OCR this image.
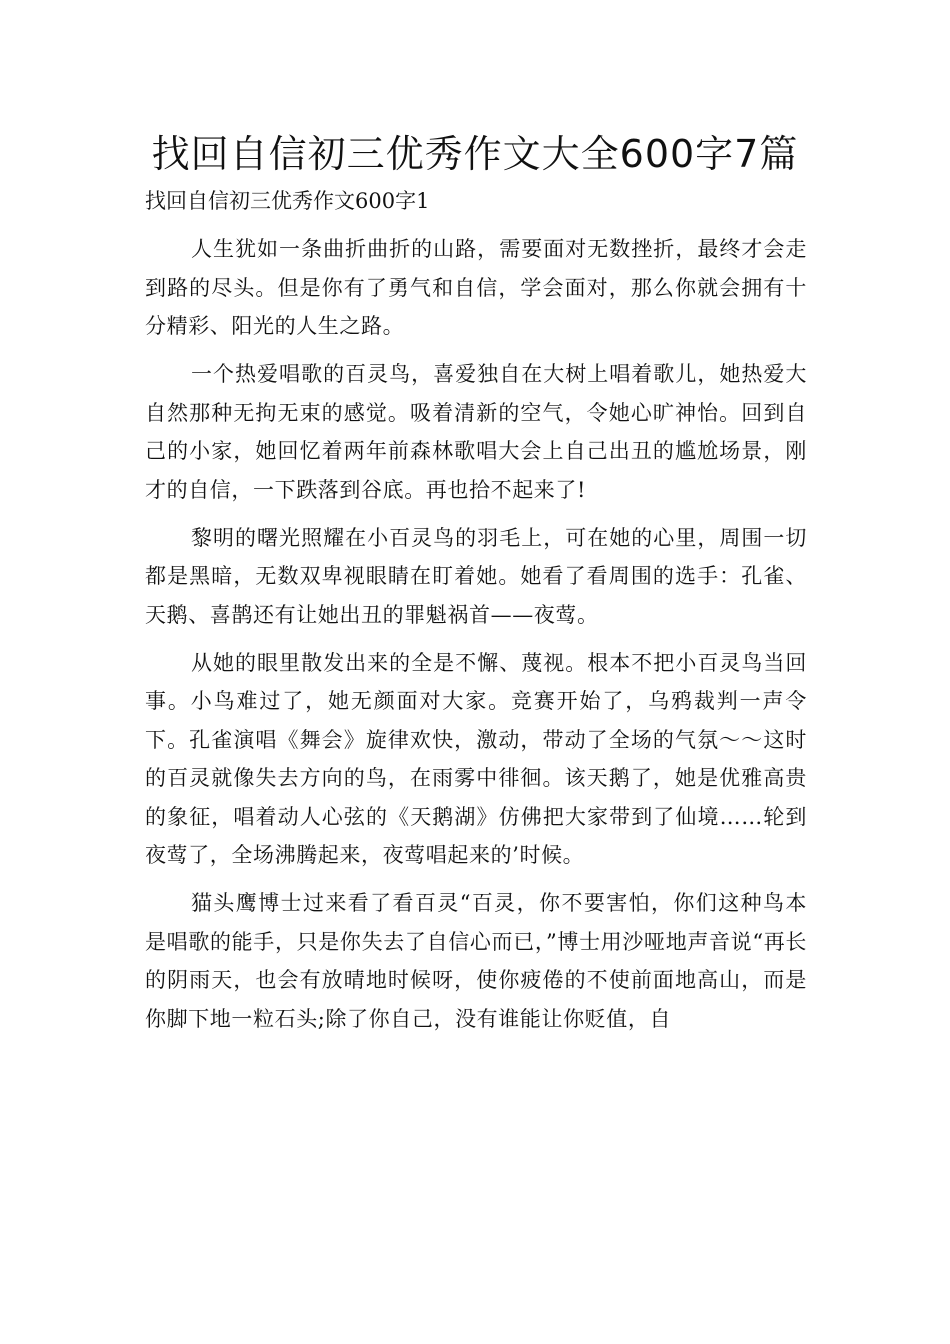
找回自信初三优秀作文大全600字7篇
找回自信初三优秀作文600字1

人生犹如一条曲折曲折的山路，需要面对无数挫折，最终才会走到路的尽头。但是你有了勇气和自信，学会面对，那么你就会拥有十分精彩、阳光的人生之路。

一个热爱唱歌的百灵鸟，喜爱独自在大树上唱着歌儿，她热爱大自然那种无拘无束的感觉。吸着清新的空气，令她心旷神怡。回到自己的小家，她回忆着两年前森林歌唱大会上自己出丑的尴尬场景，刚才的自信，一下跌落到谷底。再也拾不起来了!

黎明的曙光照耀在小百灵鸟的羽毛上，可在她的心里，周围一切都是黑暗，无数双卑视眼睛在盯着她。她看了看周围的选手：孔雀、天鹅、喜鹊还有让她出丑的罪魁祸首——夜莺。

从她的眼里散发出来的全是不懈、蔑视。根本不把小百灵鸟当回事。小鸟难过了，她无颜面对大家。竞赛开始了，乌鸦裁判一声令下。孔雀演唱《舞会》旋律欢快，激动，带动了全场的气氛～～这时的百灵就像失去方向的鸟，在雨雾中徘徊。该天鹅了，她是优雅高贵的象征，唱着动人心弦的《天鹅湖》仿佛把大家带到了仙境……轮到夜莺了，全场沸腾起来，夜莺唱起来的’时候。

猫头鹰博士过来看了看百灵“百灵，你不要害怕，你们这种鸟本是唱歌的能手，只是你失去了自信心而已，”博士用沙哑地声音说“再长的阴雨天，也会有放晴地时候呀，使你疲倦的不使前面地高山，而是你脚下地一粒石头;除了你自己，没有谁能让你贬值，自
